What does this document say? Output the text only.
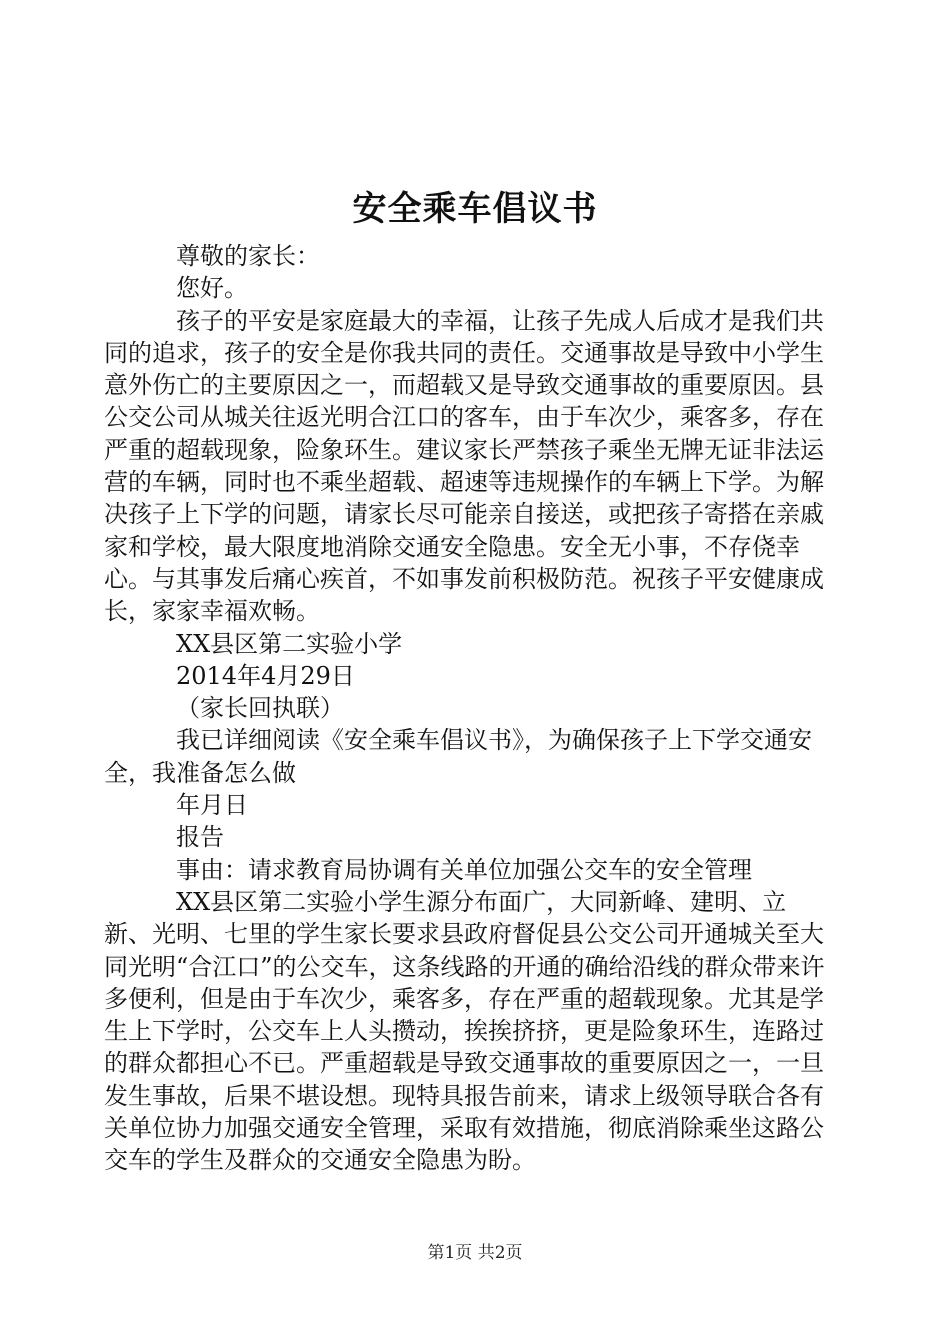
安全乘车倡议书

尊敬的家长：

您好。

孩子的平安是家庭最大的幸福，让孩子先成人后成才是我们共同的追求，孩子的安全是你我共同的责任。交通事故是导致中小学生意外伤亡的主要原因之一，而超载又是导致交通事故的重要原因。县公交公司从城关往返光明合江口的客车，由于车次少，乘客多，存在严重的超载现象，险象环生。建议家长严禁孩子乘坐无牌无证非法运营的车辆，同时也不乘坐超载、超速等违规操作的车辆上下学。为解决孩子上下学的问题，请家长尽可能亲自接送，或把孩子寄搭在亲戚家和学校，最大限度地消除交通安全隐患。安全无小事，不存侥幸心。与其事发后痛心疾首，不如事发前积极防范。祝孩子平安健康成长，家家幸福欢畅。

XX县区第二实验小学

2014年4月29日

（家长回执联）

我已详细阅读《安全乘车倡议书》，为确保孩子上下学交通安全，我准备怎么做

年月日

报告

事由：请求教育局协调有关单位加强公交车的安全管理

XX县区第二实验小学生源分布面广，大同新峰、建明、立新、光明、七里的学生家长要求县政府督促县公交公司开通城关至大同光明“合江口”的公交车，这条线路的开通的确给沿线的群众带来许多便利，但是由于车次少，乘客多，存在严重的超载现象。尤其是学生上下学时，公交车上人头攒动，挨挨挤挤，更是险象环生，连路过的群众都担心不已。严重超载是导致交通事故的重要原因之一，一旦发生事故，后果不堪设想。现特具报告前来，请求上级领导联合各有关单位协力加强交通安全管理，采取有效措施，彻底消除乘坐这路公交车的学生及群众的交通安全隐患为盼。

第1页 共2页
